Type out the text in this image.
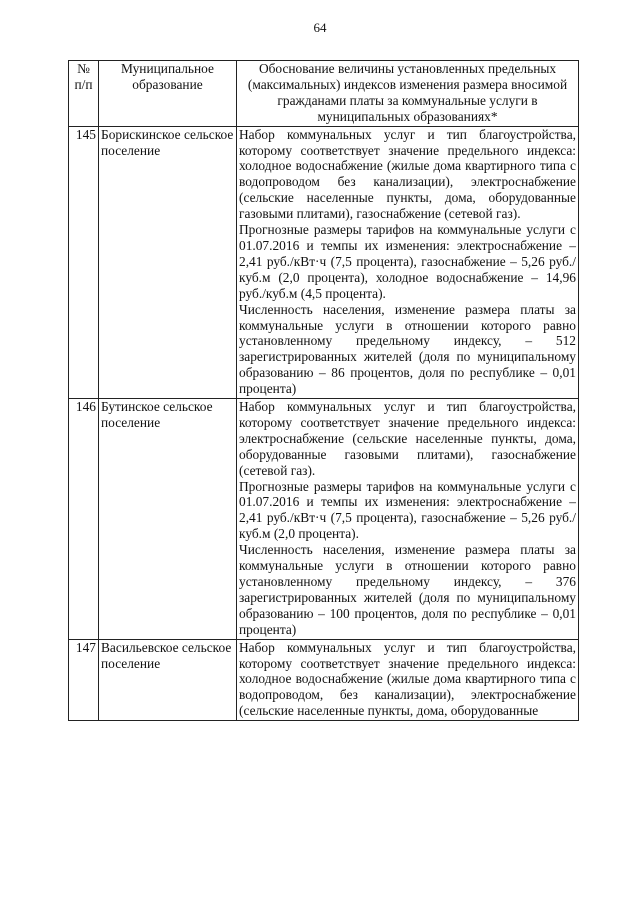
64
№ п/п	Муниципальное образование	Обоснование величины установленных предельных (максимальных) индексов изменения размера вносимой гражданами платы за коммунальные услуги в муниципальных образованиях*
145	Борискинское сельское поселение	Набор коммунальных услуг и тип благоустройства, которому соответствует значение предельного индекса: холодное водоснабжение (жилые дома квартирного типа с водопроводом без канализации), электроснабжение (сельские населенные пункты, дома, оборудованные газовыми плитами), газоснабжение (сетевой газ).

Прогнозные размеры тарифов на коммунальные услуги с 01.07.2016 и темпы их изменения: электроснабжение – 2,41 руб./кВт·ч (7,5 процента), газоснабжение – 5,26 руб./куб.м (2,0 процента), холодное водоснабжение – 14,96 руб./куб.м (4,5 процента).

Численность населения, изменение размера платы за коммунальные услуги в отношении которого равно установленному предельному индексу, – 512 зарегистрированных жителей (доля по муниципальному образованию – 86 процентов, доля по республике – 0,01 процента)

146	Бутинское сельское поселение	Набор коммунальных услуг и тип благоустройства, которому соответствует значение предельного индекса: электроснабжение (сельские населенные пункты, дома, оборудованные газовыми плитами), газоснабжение (сетевой газ).

Прогнозные размеры тарифов на коммунальные услуги с 01.07.2016 и темпы их изменения: электроснабжение – 2,41 руб./кВт·ч (7,5 процента), газоснабжение – 5,26 руб./куб.м (2,0 процента).

Численность населения, изменение размера платы за коммунальные услуги в отношении которого равно установленному предельному индексу, – 376 зарегистрированных жителей (доля по муниципальному образованию – 100 процентов, доля по республике – 0,01 процента)

147	Васильевское сельское поселение	Набор коммунальных услуг и тип благоустройства, которому соответствует значение предельного индекса: холодное водоснабжение (жилые дома квартирного типа с водопроводом, без канализации), электроснабжение (сельские населенные пункты, дома, оборудованные
